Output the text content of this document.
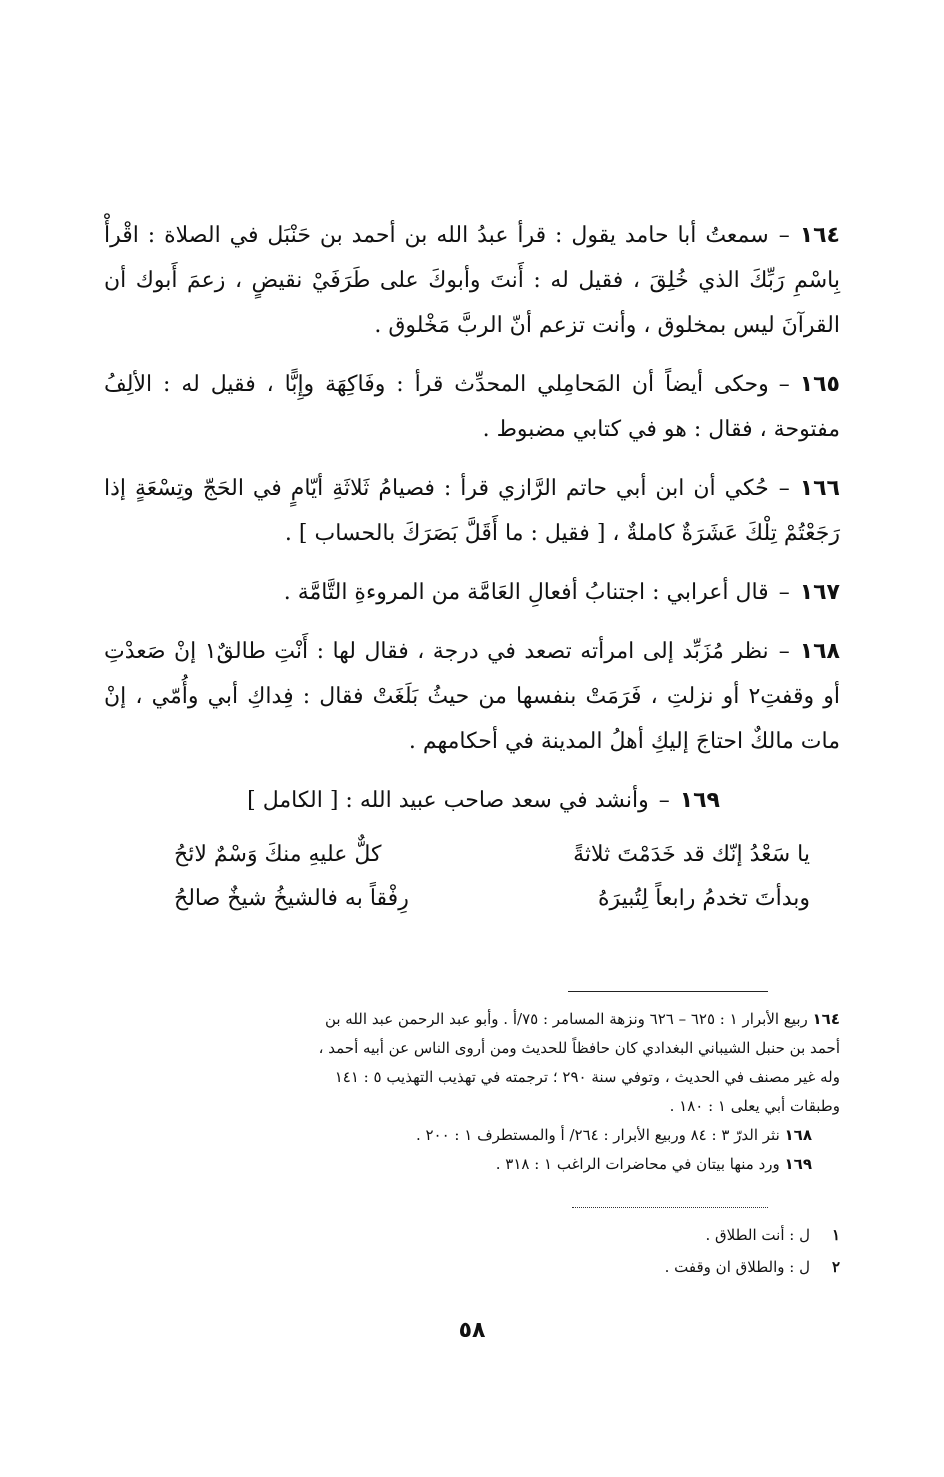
١٦٤–سمعتُ أبا حامد يقول : قرأ عبدُ الله بن أحمد بن حَنْبَل في الصلاة : اقْرأْ بِاسْمِ رَبِّكَ الذي خُلِقَ ، فقيل له : أَنتَ وأبوكَ على طَرَفَيْ نقيضٍ ، زعمَ أَبوك أن القرآنَ ليس بمخلوق ، وأنت تزعم أنّ الربَّ مَخْلوق .

١٦٥–وحكى أيضاً أن المَحامِلي المحدِّث قرأ : وفَاكِهَة وإِبًّا ، فقيل له : الألِفُ مفتوحة ، فقال : هو في كتابي مضبوط .

١٦٦–حُكي أن ابن أبي حاتم الرَّازي قرأ : فصيامُ ثَلاثَةِ أيّامٍ في الحَجّ وتِسْعَةٍ إذا رَجَعْتُمْ تِلْكَ عَشَرَةٌ كاملةٌ ، [ فقيل : ما أَقَلَّ بَصَرَكَ بالحساب ] .

١٦٧–قال أعرابي : اجتنابُ أفعالِ العَامَّة من المروءةِ التَّامَّة .

١٦٨–نظر مُزَبِّد إلى امرأته تصعد في درجة ، فقال لها : أَنْتِ طالقٌ١ إنْ صَعدْتِ أو وقفتِ٢ أو نزلتِ ، فَرَمَتْ بنفسها من حيثُ بَلَغَتْ فقال : فِداكِ أبي وأُمّي ، إنْ مات مالكٌ احتاجَ إليكِ أهلُ المدينة في أحكامهم .

١٦٩–وأنشد في سعد صاحب عبيد الله : [ الكامل ]

يا سَعْدُ إنّك قد خَدَمْتَ ثلاثةً
كلٌّ عليهِ منكَ وَسْمٌ لائحُ
وبدأتَ تخدمُ رابعاً لِتُبيرَهُ
رِفْقاً به فالشيخُ شيخٌ صالحُ

١٦٤ ربيع الأبرار ١ : ٦٢٥ – ٦٢٦ ونزهة المسامر : ٧٥/أ . وأبو عبد الرحمن عبد الله بن

أحمد بن حنبل الشيباني البغدادي كان حافظاً للحديث ومن أروى الناس عن أبيه أحمد ،

وله غير مصنف في الحديث ، وتوفي سنة ٢٩٠ ؛ ترجمته في تهذيب التهذيب ٥ : ١٤١

وطبقات أبي يعلى ١ : ١٨٠ .

١٦٨ نثر الدرّ ٣ : ٨٤ وربيع الأبرار : ٢٦٤/ أ والمستطرف ١ : ٢٠٠ .

١٦٩ ورد منها بيتان في محاضرات الراغب ١ : ٣١٨ .

١ل : أنت الطلاق .

٢ل : والطلاق ان وقفت .

٥٨
